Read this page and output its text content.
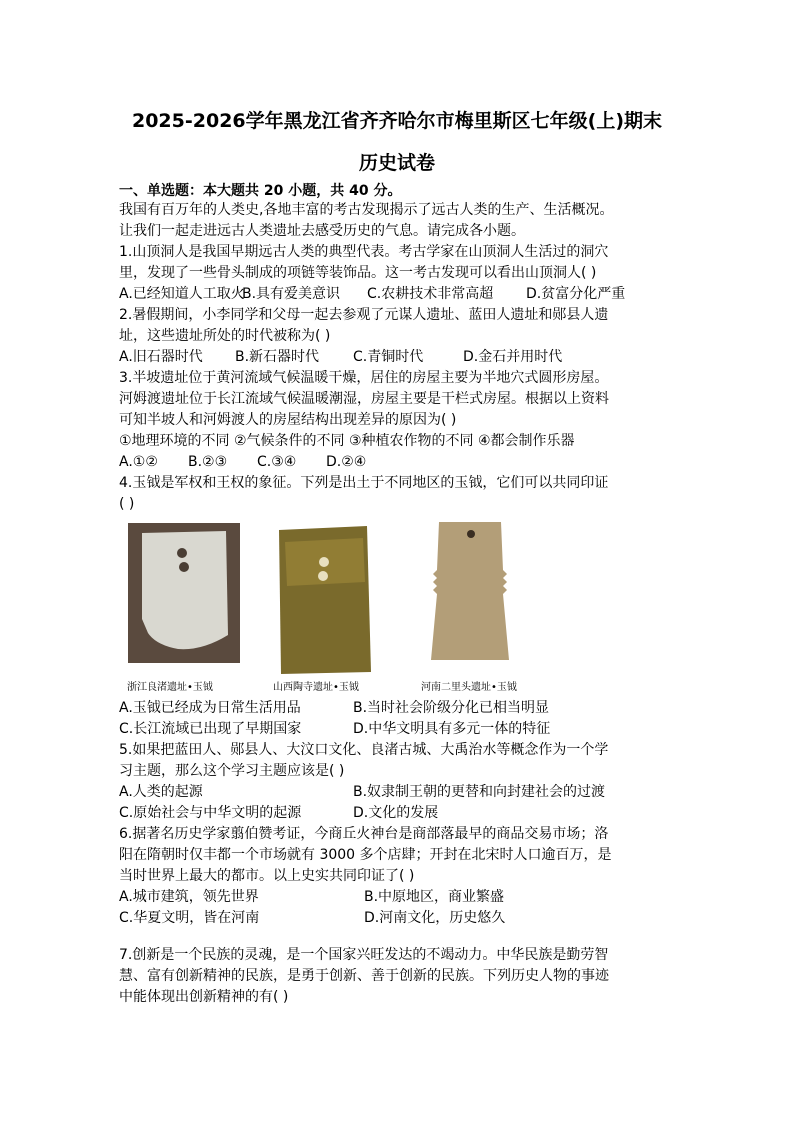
2025-2026学年黑龙江省齐齐哈尔市梅里斯区七年级(上)期末
历史试卷
一、单选题：本大题共 20 小题，共 40 分。
我国有百万年的人类史,各地丰富的考古发现揭示了远古人类的生产、生活概况。
让我们一起走进远古人类遗址去感受历史的气息。请完成各小题。
1.山顶洞人是我国早期远古人类的典型代表。考古学家在山顶洞人生活过的洞穴
里，发现了一些骨头制成的项链等装饰品。这一考古发现可以看出山顶洞人( )
A.已经知道人工取火
B.具有爱美意识	C.农耕技术非常高超	D.贫富分化严重
2.暑假期间，小李同学和父母一起去参观了元谋人遗址、蓝田人遗址和郧县人遗
址，这些遗址所处的时代被称为( )
A.旧石器时代	B.新石器时代	C.青铜时代	D.金石并用时代
3.半坡遗址位于黄河流域气候温暖干燥，居住的房屋主要为半地穴式圆形房屋。
河姆渡遗址位于长江流域气候温暖潮湿，房屋主要是干栏式房屋。根据以上资料
可知半坡人和河姆渡人的房屋结构出现差异的原因为( )
①地理环境的不同 ②气候条件的不同 ③种植农作物的不同 ④都会制作乐器
A.①②	B.②③	C.③④	D.②④
4.玉钺是军权和王权的象征。下列是出土于不同地区的玉钺，它们可以共同印证
( )
浙江良渚遗址•玉钺	山西陶寺遗址•玉钺	河南二里头遗址•玉钺
A.玉钺已经成为日常生活用品	B.当时社会阶级分化已相当明显
C.长江流域已出现了早期国家	D.中华文明具有多元一体的特征
5.如果把蓝田人、郧县人、大汶口文化、良渚古城、大禹治水等概念作为一个学
习主题，那么这个学习主题应该是( )
A.人类的起源	B.奴隶制王朝的更替和向封建社会的过渡
C.原始社会与中华文明的起源	D.文化的发展
6.据著名历史学家翦伯赞考证，今商丘火神台是商部落最早的商品交易市场；洛
阳在隋朝时仅丰都一个市场就有 3000 多个店肆；开封在北宋时人口逾百万，是
当时世界上最大的都市。以上史实共同印证了( )
A.城市建筑，领先世界	B.中原地区，商业繁盛
C.华夏文明，皆在河南	D.河南文化，历史悠久
7.创新是一个民族的灵魂，是一个国家兴旺发达的不竭动力。中华民族是勤劳智
慧、富有创新精神的民族，是勇于创新、善于创新的民族。下列历史人物的事迹
中能体现出创新精神的有( )
